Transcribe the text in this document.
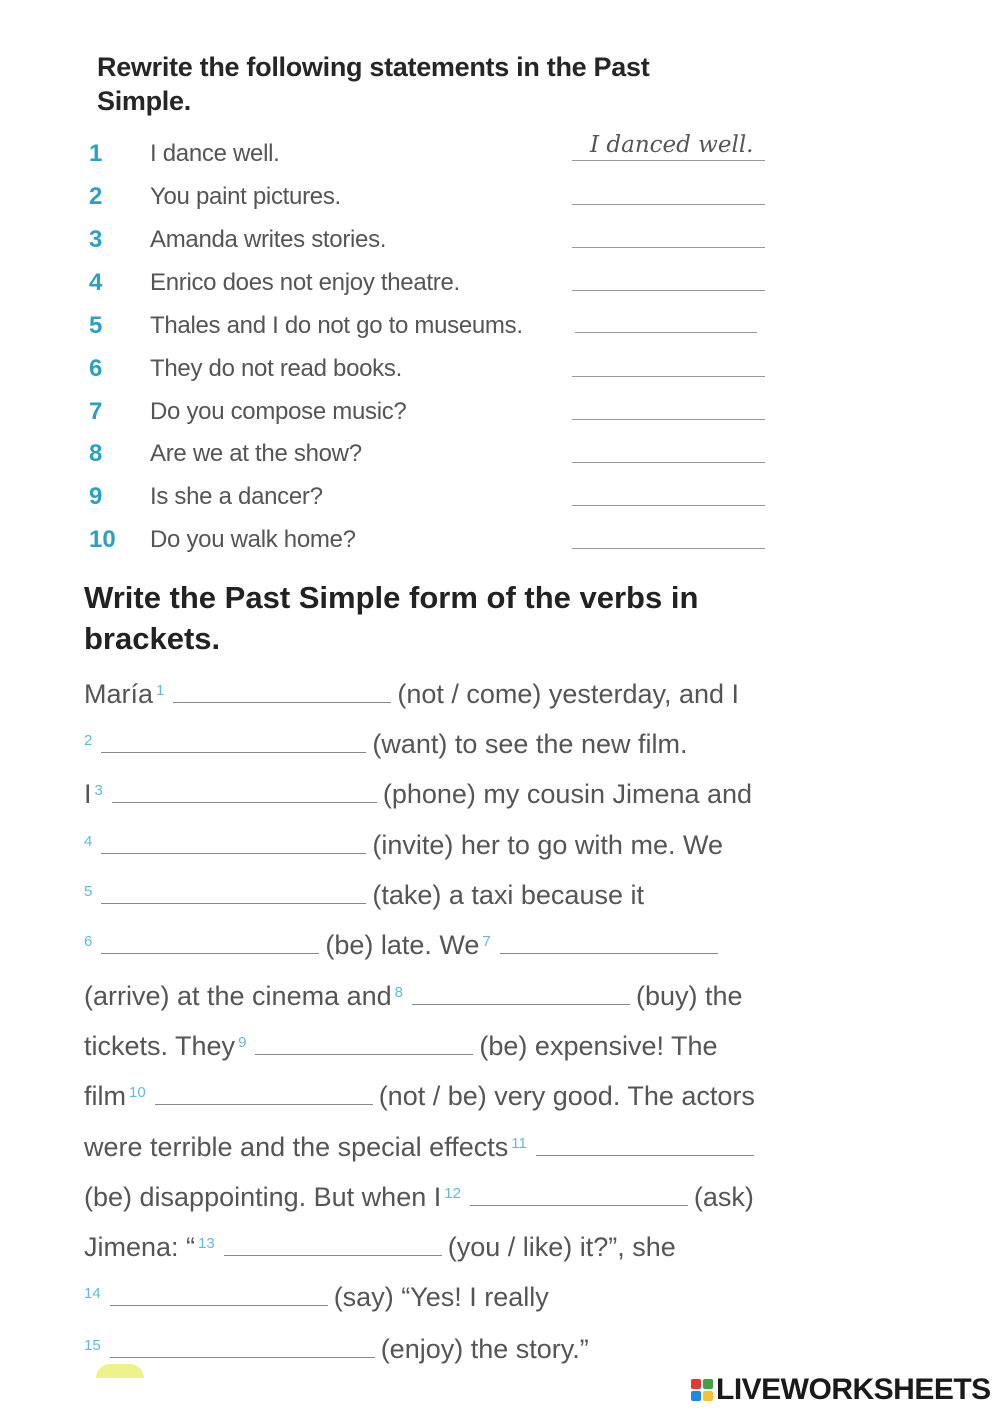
Rewrite the following statements in the Past Simple.
1 I dance well.	I danced well.
2 You paint pictures.
3 Amanda writes stories.
4 Enrico does not enjoy theatre.
5 Thales and I do not go to museums.
6 They do not read books.
7 Do you compose music?
8 Are we at the show?
9 Is she a dancer?
10 Do you walk home?
Write the Past Simple form of the verbs in brackets.
María $^1$	(not / come) yesterday, and I
$^2$	(want) to see the new film.
I $^3$	(phone) my cousin Jimena and
$^4$	(invite) her to go with me. We
$^5$	(take) a taxi because it
$^6$	(be) late. We $^7$
(arrive) at the cinema and $^8$	(buy) the
tickets. They $^9$	(be) expensive! The
film $^{10}$	(not / be) very good. The actors
were terrible and the special effects $^{11}$
(be) disappointing. But when I $^{12}$	(ask)
Jimena: “ $^{13}$	(you / like) it?”, she
$^{14}$	(say) “Yes! I really
$^{15}$	(enjoy) the story.”
LIVEWORKSHEETS
